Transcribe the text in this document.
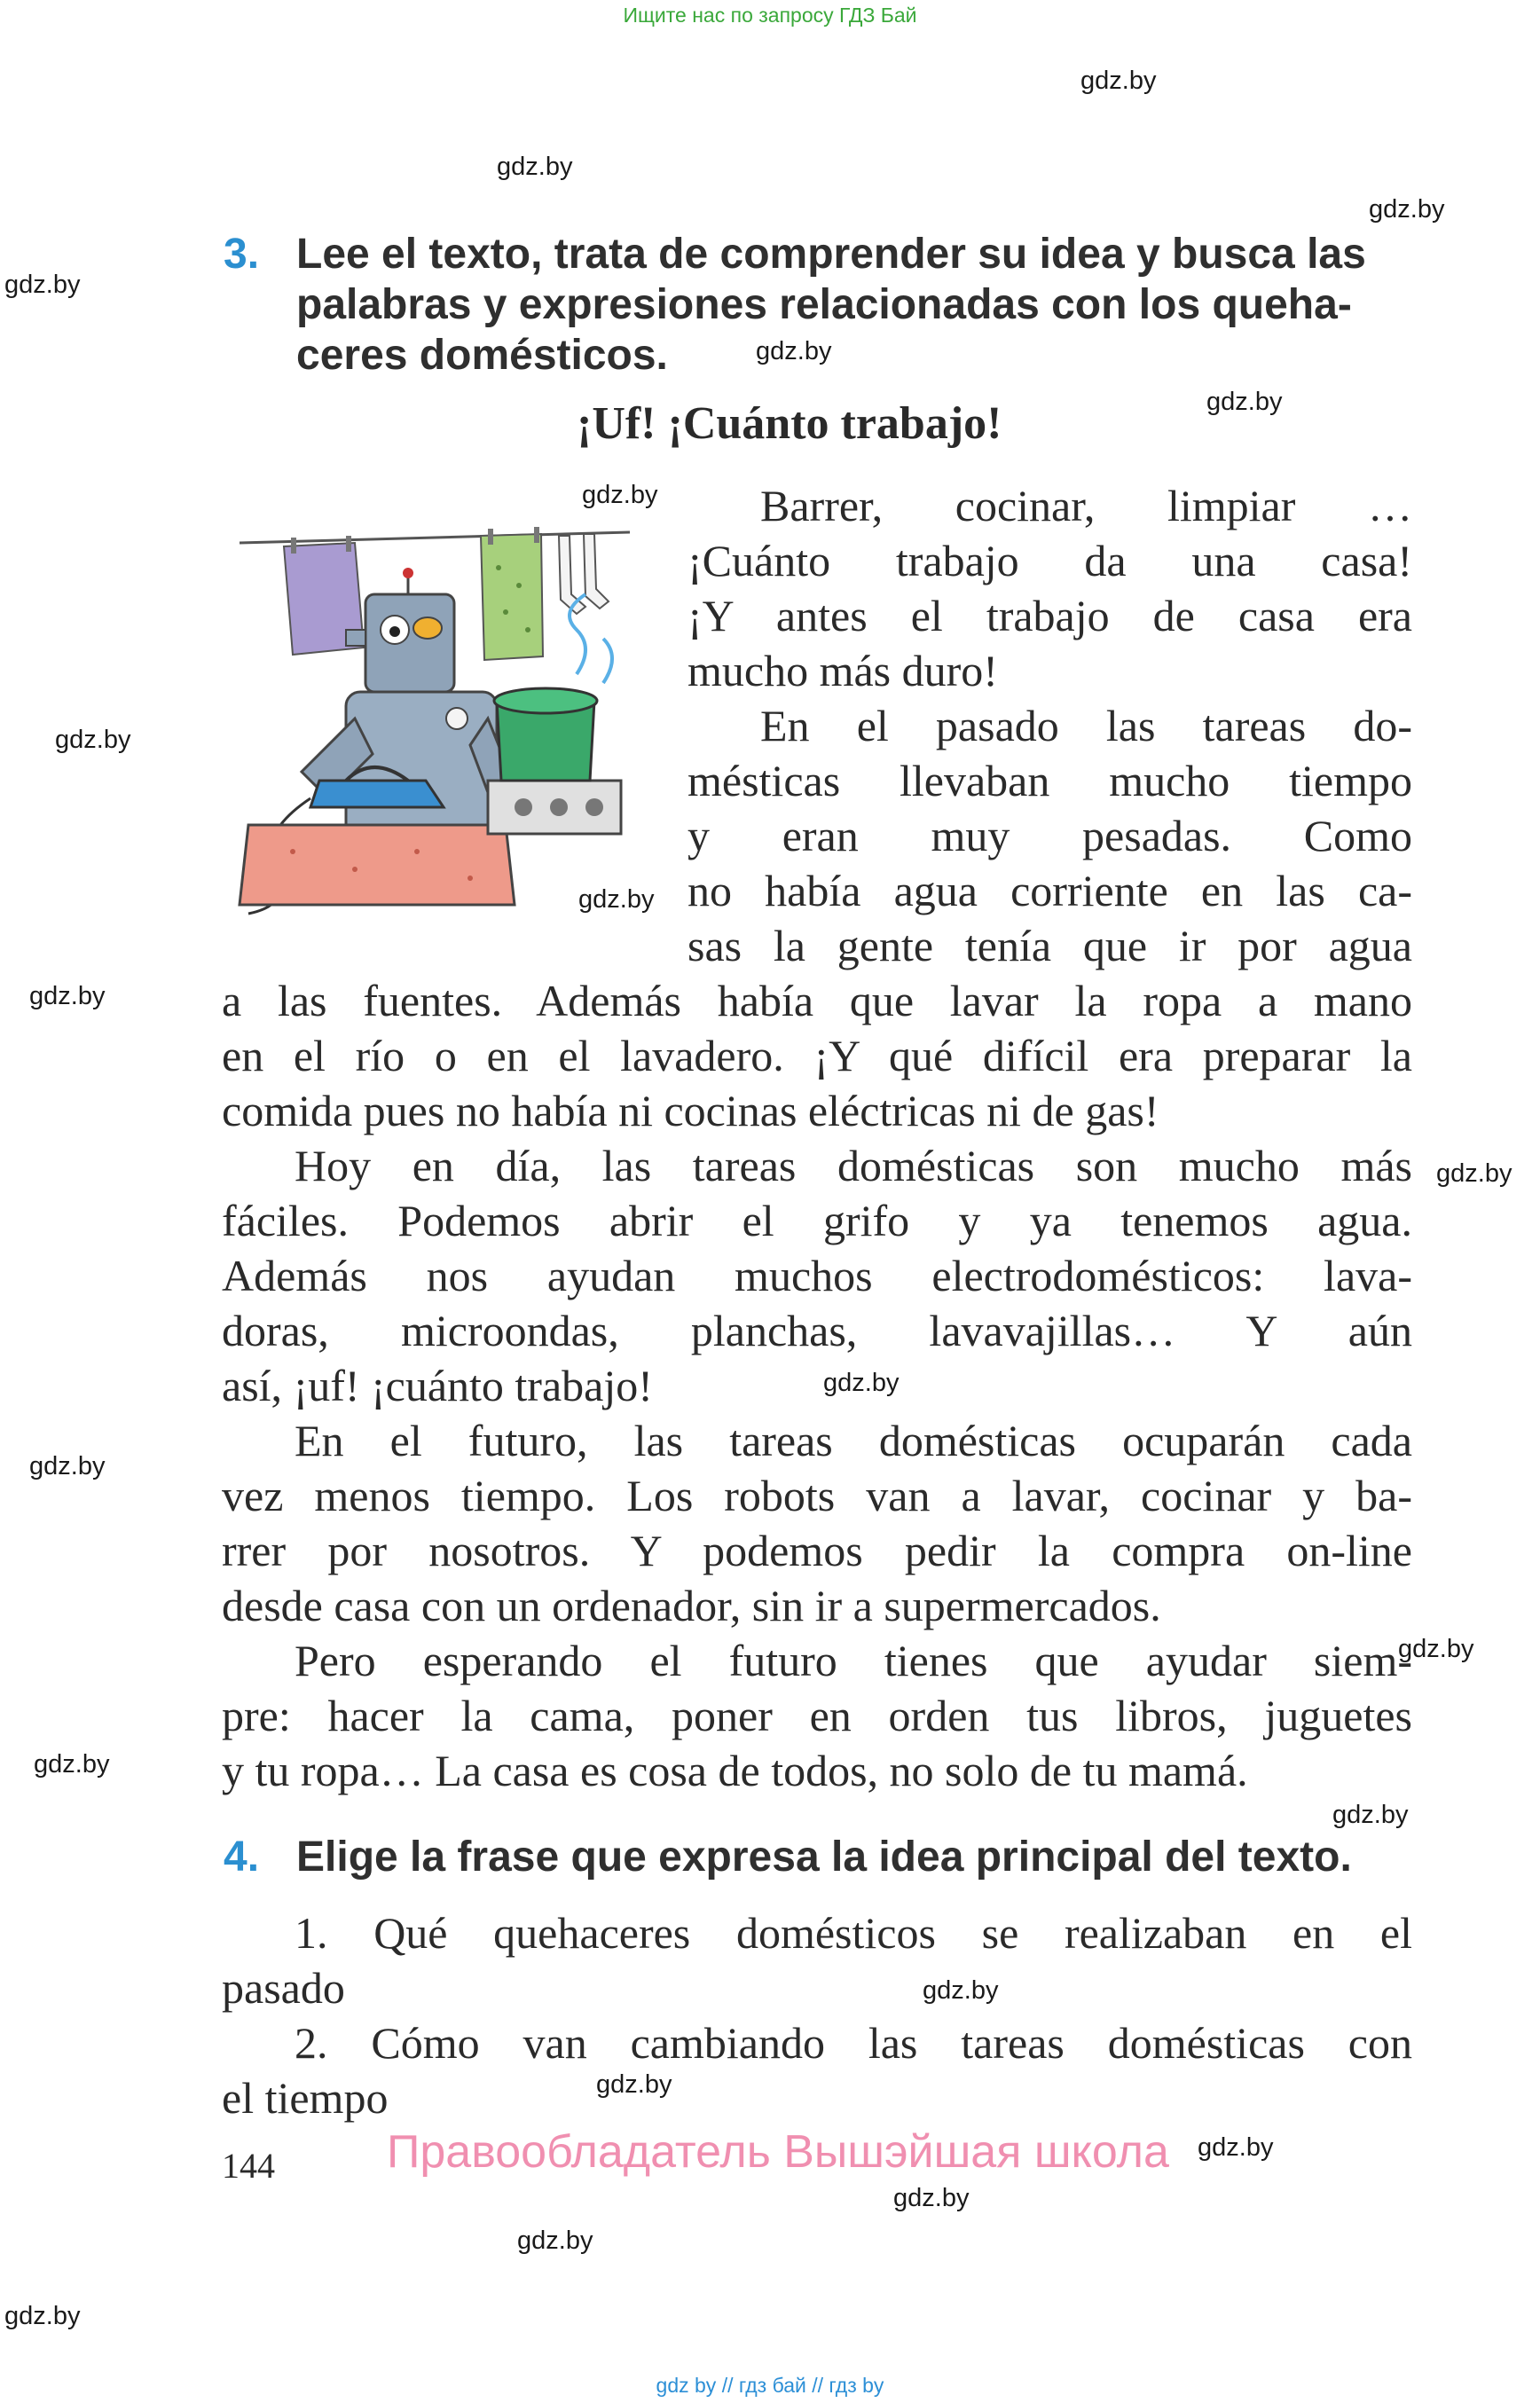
Ищите нас по запросу ГДЗ Бай
gdz.by
gdz.by
gdz.by
gdz.by
gdz.by
gdz.by
gdz.by
gdz.by
gdz.by
gdz.by
gdz.by
gdz.by
gdz.by
gdz.by
gdz.by
gdz.by
gdz.by
gdz.by
gdz.by
gdz.by
gdz.by
gdz.by
3. Lee el texto, trata de comprender su idea y busca las
palabras y expresiones relacionadas con los queha-
ceres domésticos.
¡Uf! ¡Cuánto trabajo!
Barrer, cocinar, limpiar …
¡Cuánto trabajo da una casa!
¡Y antes el trabajo de casa era
mucho más duro!
En el pasado las tareas do-
mésticas llevaban mucho tiempo
y eran muy pesadas. Como
no había agua corriente en las ca-
sas la gente tenía que ir por agua
a las fuentes. Además había que lavar la ropa a mano
en el río o en el lavadero. ¡Y qué difícil era preparar la
comida pues no había ni cocinas eléctricas ni de gas!
Hoy en día, las tareas domésticas son mucho más
fáciles. Podemos abrir el grifo y ya tenemos agua.
Además nos ayudan muchos electrodomésticos: lava-
doras, microondas, planchas, lavavajillas… Y aún
así, ¡uf! ¡cuánto trabajo!
En el futuro, las tareas domésticas ocuparán cada
vez menos tiempo. Los robots van a lavar, cocinar y ba-
rrer por nosotros. Y podemos pedir la compra on-line
desde casa con un ordenador, sin ir a supermercados.
Pero esperando el futuro tienes que ayudar siem-
pre: hacer la cama, poner en orden tus libros, juguetes
y tu ropa… La casa es cosa de todos, no solo de tu mamá.
4. Elige la frase que expresa la idea principal del texto.
1. Qué quehaceres domésticos se realizaban en el
pasado
2. Cómo van cambiando las tareas domésticas con
el tiempo
144 Правообладатель Вышэйшая школа
gdz by // гдз бай // гдз by
